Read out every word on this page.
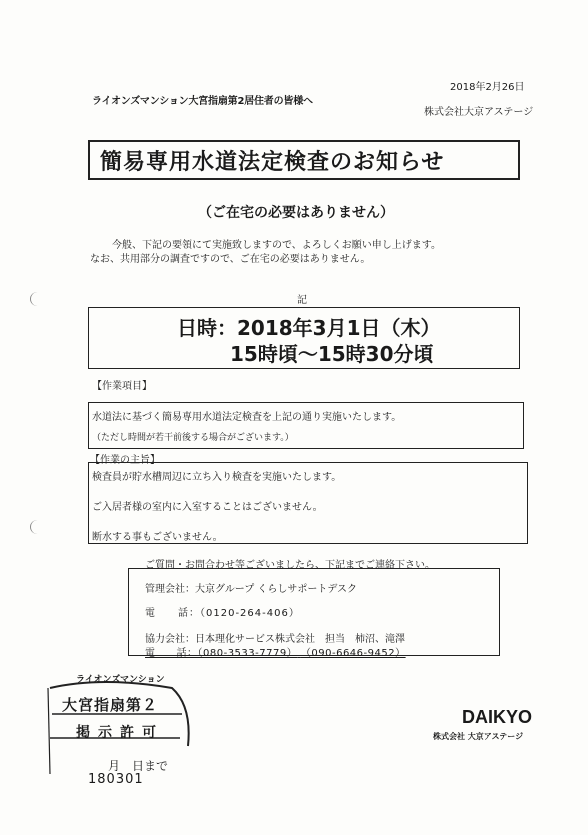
ライオンズマンション大宮指扇第2居住者の皆様へ
2018年2月26日
株式会社大京アステージ
簡易専用水道法定検査のお知らせ
（ご在宅の必要はありません）
今般、下記の要領にて実施致しますので、よろしくお願い申し上げます。
なお、共用部分の調査ですので、ご在宅の必要はありません。
記
日時：2018年3月1日（木）
15時頃～15時30分頃
【作業項目】
水道法に基づく簡易専用水道法定検査を上記の通り実施いたします。
（ただし時間が若干前後する場合がございます。）
【作業の主旨】
検査員が貯水槽周辺に立ち入り検査を実施いたします。
ご入居者様の室内に入室することはございません。
断水する事もございません。
ご質問・お問合わせ等ございましたら、下記までご連絡下さい。
管理会社：大京グループ くらしサポートデスク
電　　話：（0120-264-406）
協力会社：日本理化サービス株式会社　担当　柿沼、滝澤
電　　話：（080-3533-7779） （090-6646-9452）
ライオンズマンション
大宮指扇第２
掲示許可
月　日まで
180301
DAIKYO
株式会社 大京アステージ
